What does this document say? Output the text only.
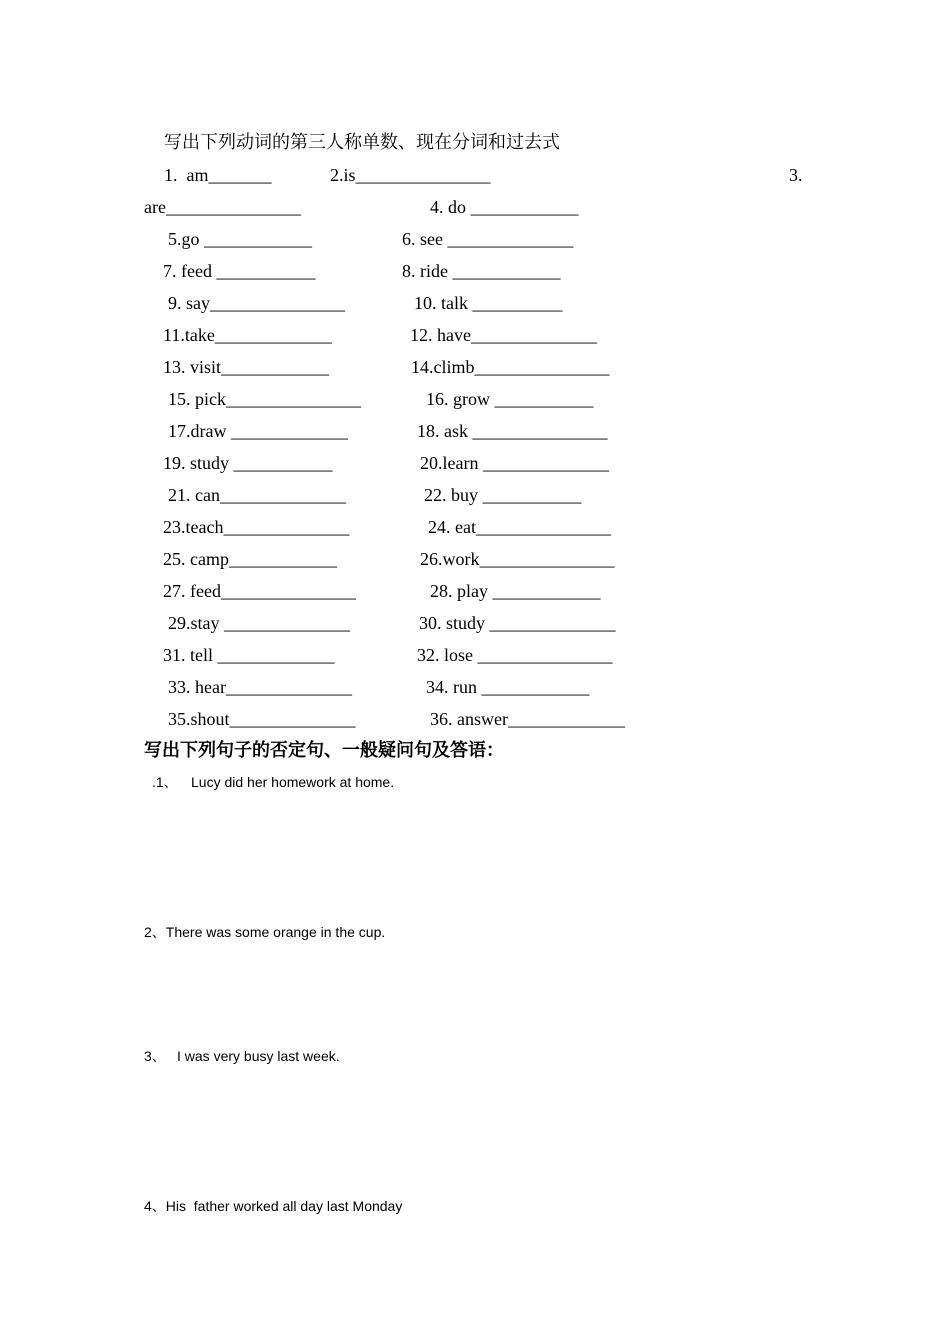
写出下列动词的第三人称单数、现在分词和过去式
1.  am_______	2.is_______________	3.
are_______________	4. do ____________
5.go ____________	6. see ______________
7. feed ___________	8. ride ____________
9. say_______________	10. talk __________
11.take_____________	12. have______________
13. visit____________	14.climb_______________
15. pick_______________	16. grow ___________
17.draw _____________	18. ask _______________
19. study ___________	20.learn ______________
21. can______________	22. buy ___________
23.teach______________	24. eat_______________
25. camp____________	26.work_______________
27. feed_______________	28. play ____________
29.stay ______________	30. study ______________
31. tell _____________	32. lose _______________
33. hear______________	34. run ____________
35.shout______________	36. answer_____________
写出下列句子的否定句、一般疑问句及答语：
.1、 Lucy did her homework at home.
2、There was some orange in the cup.
3、 I was very busy last week.
4、His  father worked all day last Monday
